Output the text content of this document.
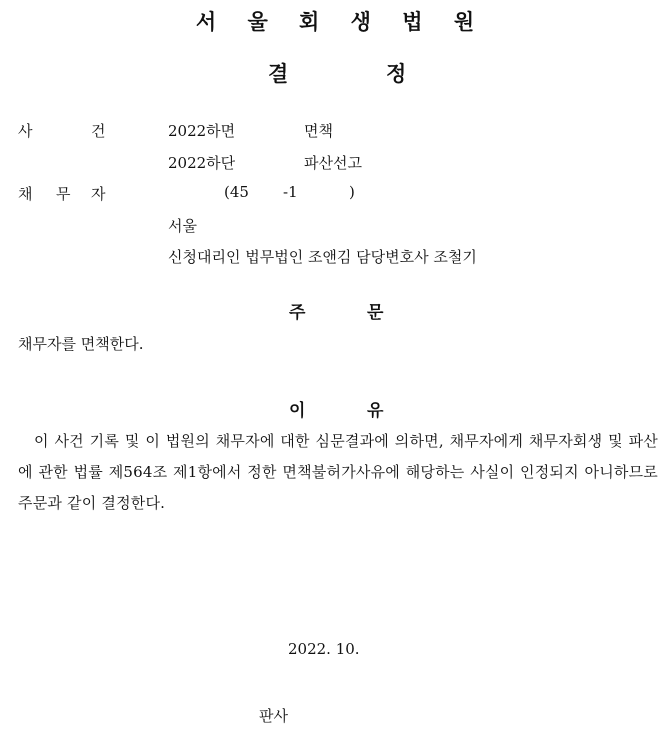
서 울 회 생 법 원
결	정
사	건	2022하면	면책
2022하단	파산선고
채 무 자	(45 -1	)
서울
신청대리인 법무법인 조앤김 담당변호사 조철기
주	문
채무자를 면책한다.
이	유
이 사건 기록 및 이 법원의 채무자에 대한 심문결과에 의하면, 채무자에게 채무자회생 및 파산에 관한 법률 제564조 제1항에서 정한 면책불허가사유에 해당하는 사실이 인정되지 아니하므로 주문과 같이 결정한다.
2022. 10.
판사
